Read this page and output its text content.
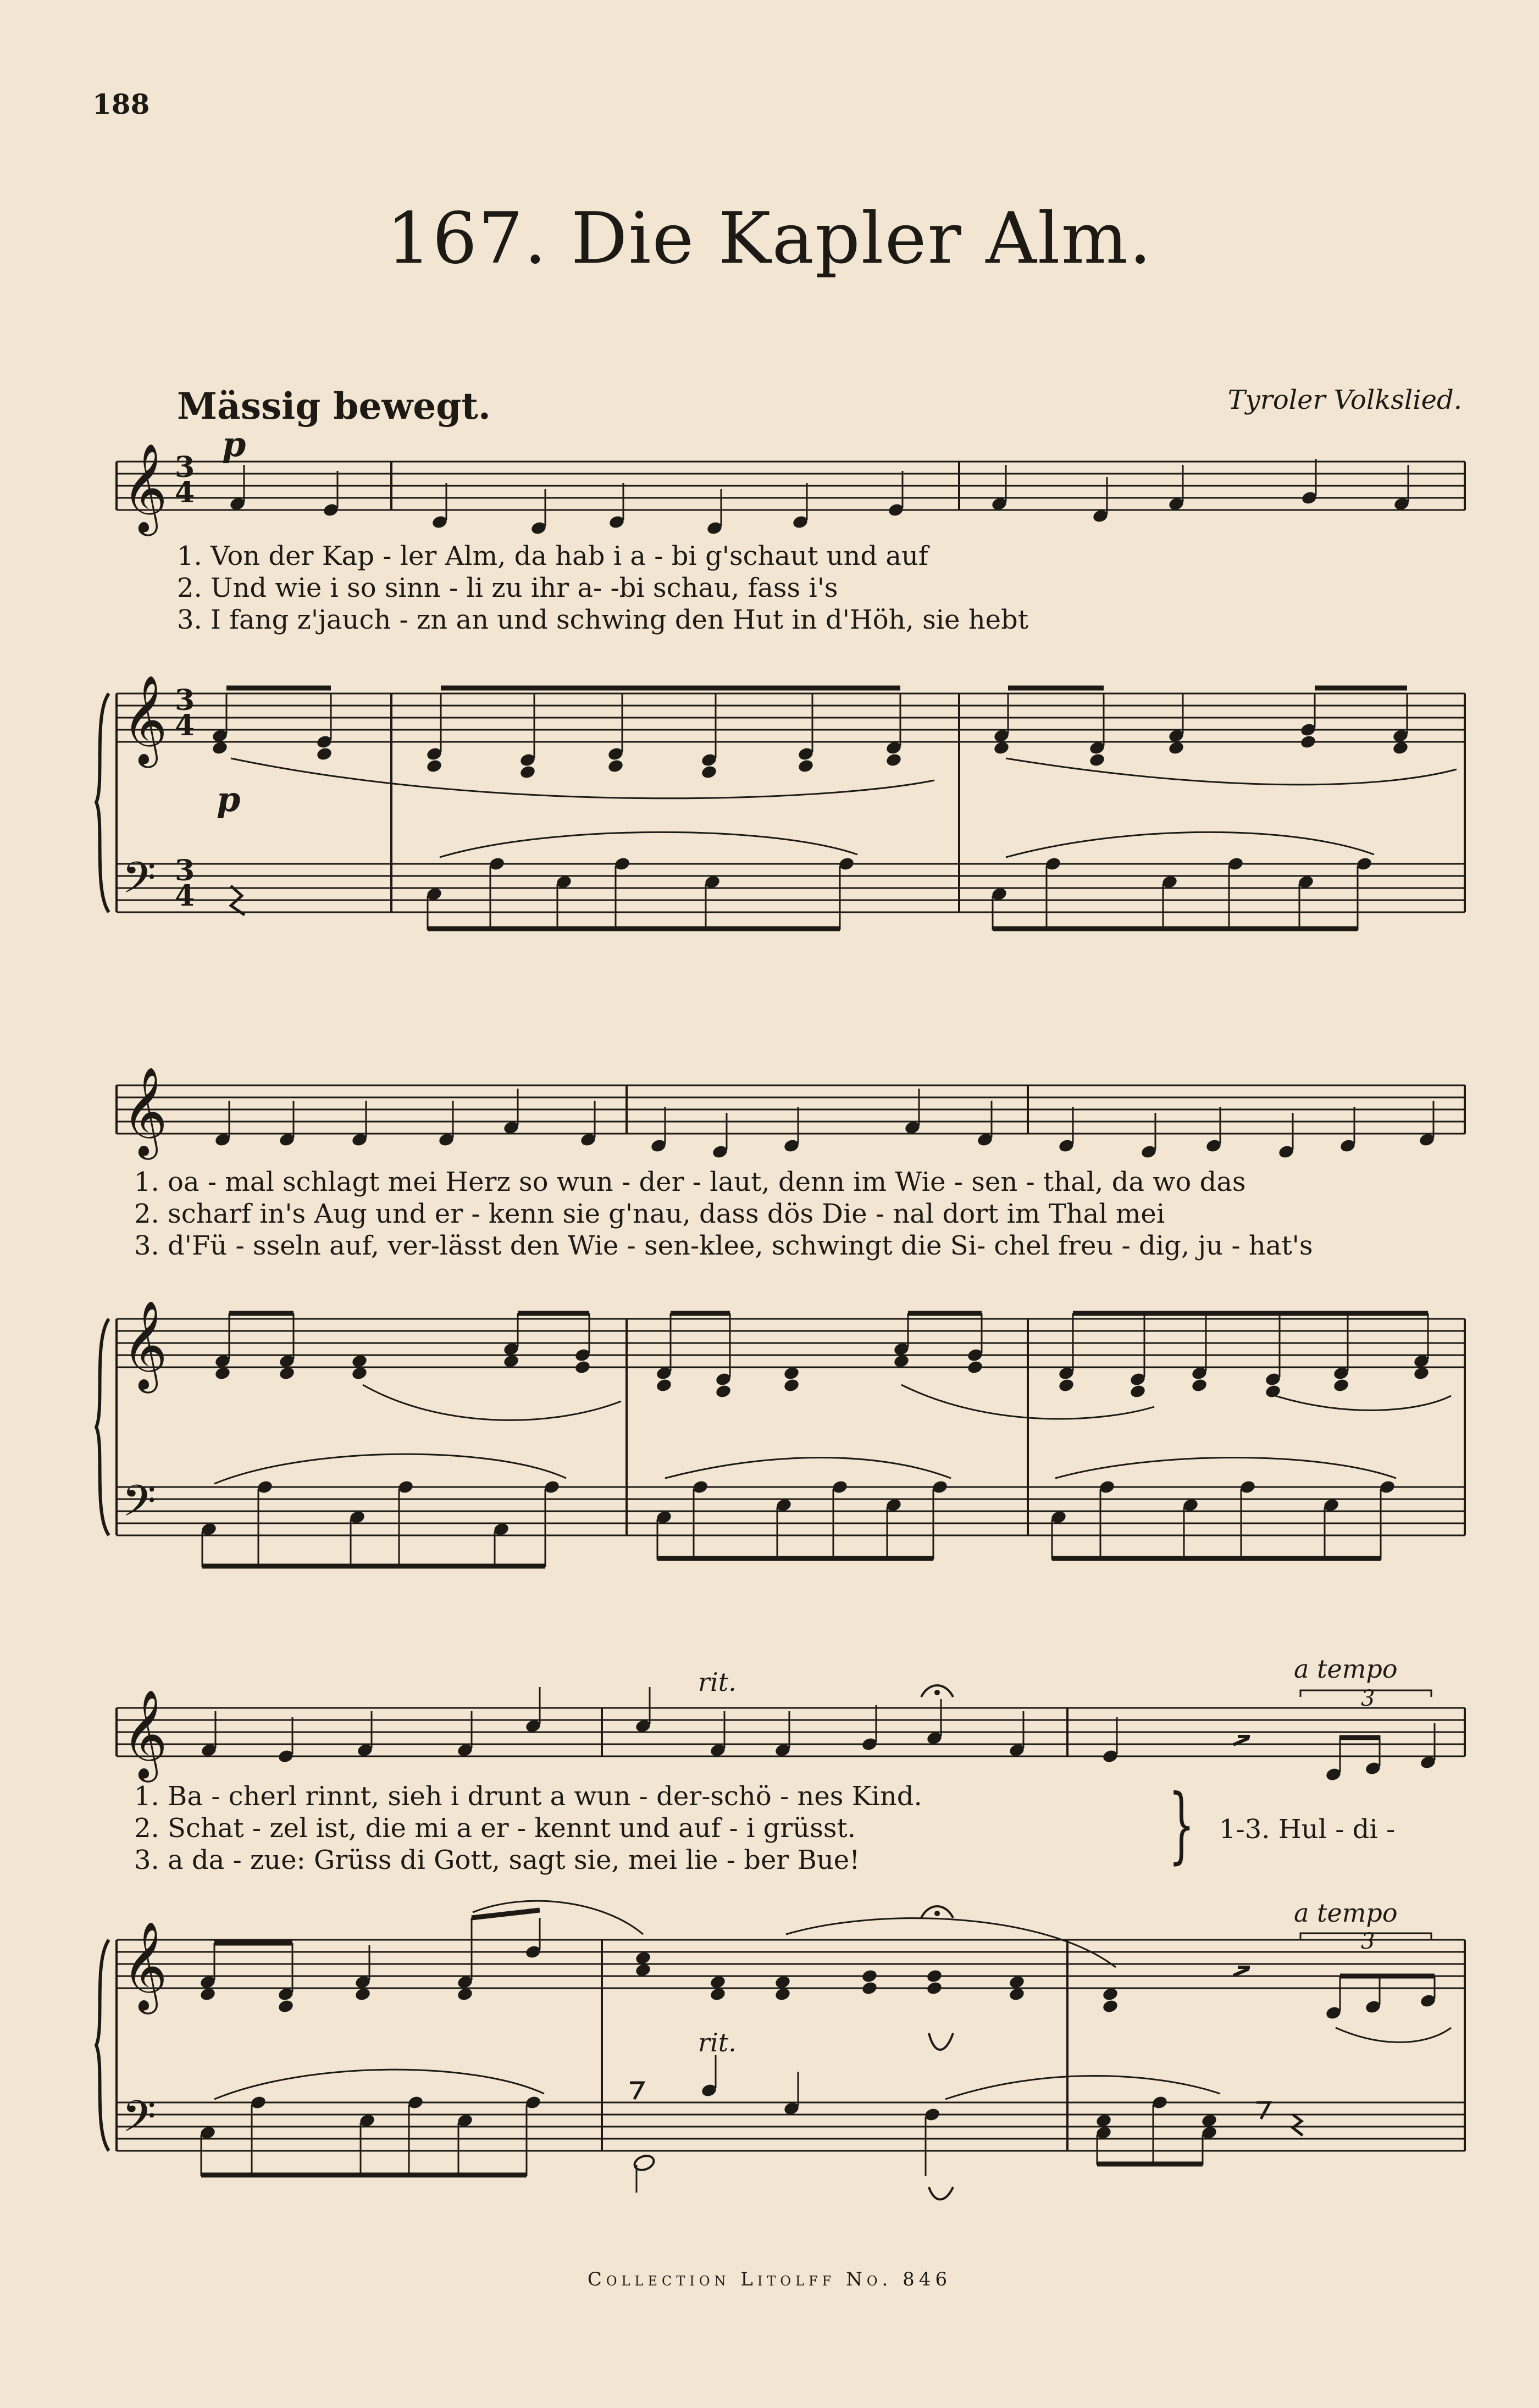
188
167. Die Kapler Alm.
Mässig bewegt.	Tyroler Volkslied.
𝄞
𝄞
𝄢
𝄞
𝄞
𝄢
𝄞
𝄞
𝄢
p
p
rit.
rit.
a tempo
a tempo
3
3
3
4
3
4
3
4
1. Von der Kap - ler Alm, da hab i a - bi g'schaut und auf
2. Und wie i so sinn - li zu ihr a- -bi schau, fass i's
3. I fang z'jauch - zn an und schwing den Hut in d'Höh, sie hebt
1. oa - mal schlagt mei Herz so wun - der - laut, denn im Wie - sen - thal, da wo das
2. scharf in's Aug und er - kenn sie g'nau, dass dös Die - nal dort im Thal mei
3. d'Fü - sseln auf, ver-lässt den Wie - sen-klee, schwingt die Si- chel freu - dig, ju - hat's
1. Ba - cherl rinnt, sieh i drunt a wun - der-schö - nes Kind.
2. Schat - zel ist, die mi a er - kennt und auf - i grüsst.
3. a da - zue: Grüss di Gott, sagt sie, mei lie - ber Bue!	} 1-3. Hul - di -
Collection Litolff No. 846
